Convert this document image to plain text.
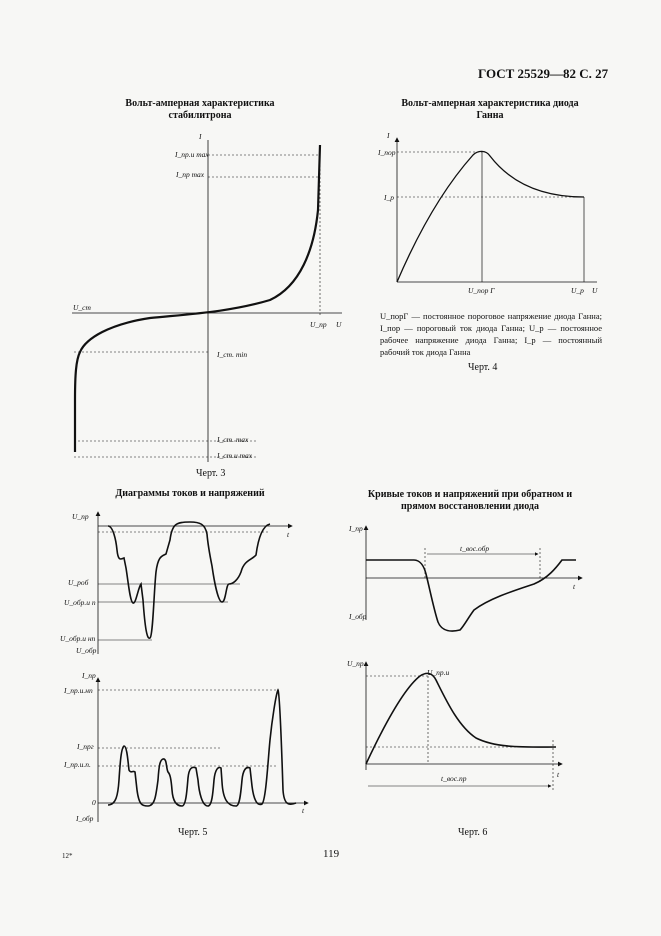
ГОСТ 25529—82 С. 27
Вольт-амперная характеристика стабилитрона
Вольт-амперная характеристика диода Ганна
Диаграммы токов и напряжений	Кривые токов и напряжений при обратном и прямом восстановлении диода
Черт. 3
Черт. 4
Черт. 5	Черт. 6
U_порГ — постоянное пороговое напряжение диода Ганна; I_пор — пороговый ток диода Ганна; U_р — постоянное рабочее напряжение диода Ганна; I_р — постоянный рабочий ток диода Ганна
119
12*
I
I_пр.и max
I_пр max
U_ст
U_пр U
I_ст. min
I_ст. max
I_ст.и max
I
I_пор
I_р
U_пор Г	U_р U
U_пр
t
U_роб
U_обр.и п
U_обр.и нп
U_обр
I_пр
I_пр.и.нп
I_прг
I_пр.и.п.
0
t
I_обр
I_пр
t_вос.обр
t
I_обр
U_пр
U_пр.и
t
t_вос.пр
